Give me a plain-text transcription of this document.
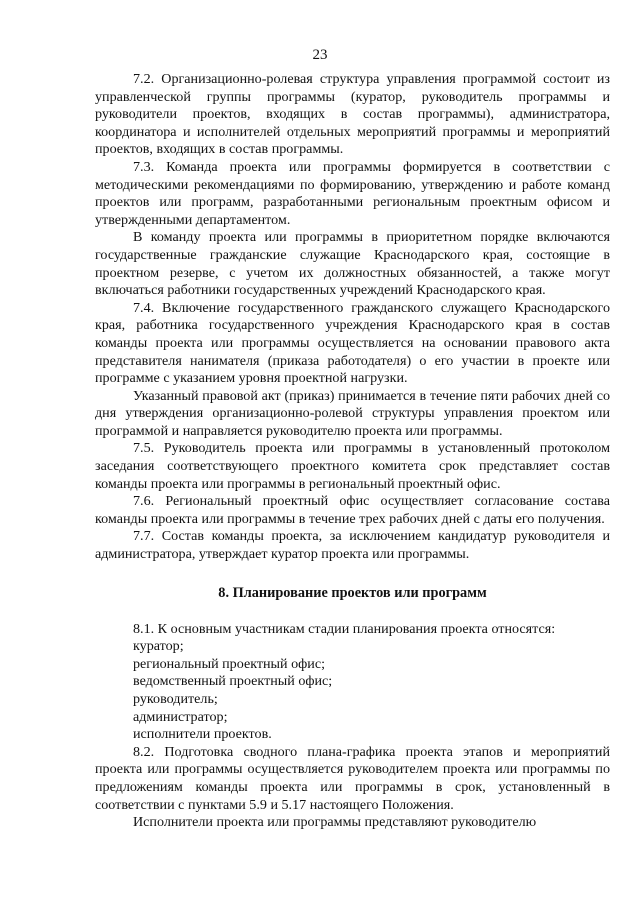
23

7.2. Организационно-ролевая структура управления программой состоит из управленческой группы программы (куратор, руководитель программы и руководители проектов, входящих в состав программы), администратора, координатора и исполнителей отдельных мероприятий программы и мероприятий проектов, входящих в состав программы.

7.3. Команда проекта или программы формируется в соответствии с методическими рекомендациями по формированию, утверждению и работе команд проектов или программ, разработанными региональным проектным офисом и утвержденными департаментом.

В команду проекта или программы в приоритетном порядке включаются государственные гражданские служащие Краснодарского края, состоящие в проектном резерве, с учетом их должностных обязанностей, а также могут включаться работники государственных учреждений Краснодарского края.

7.4. Включение государственного гражданского служащего Краснодарского края, работника государственного учреждения Краснодарского края в состав команды проекта или программы осуществляется на основании правового акта представителя нанимателя (приказа работодателя) о его участии в проекте или программе с указанием уровня проектной нагрузки.

Указанный правовой акт (приказ) принимается в течение пяти рабочих дней со дня утверждения организационно-ролевой структуры управления проектом или программой и направляется руководителю проекта или программы.

7.5. Руководитель проекта или программы в установленный протоколом заседания соответствующего проектного комитета срок представляет состав команды проекта или программы в региональный проектный офис.

7.6. Региональный проектный офис осуществляет согласование состава команды проекта или программы в течение трех рабочих дней с даты его получения.

7.7. Состав команды проекта, за исключением кандидатур руководителя и администратора, утверждает куратор проекта или программы.

8. Планирование проектов или программ

8.1. К основным участникам стадии планирования проекта относятся:

куратор;
региональный проектный офис;
ведомственный проектный офис;
руководитель;
администратор;
исполнители проектов.

8.2. Подготовка сводного плана-графика проекта этапов и мероприятий проекта или программы осуществляется руководителем проекта или программы по предложениям команды проекта или программы в срок, установленный в соответствии с пунктами 5.9 и 5.17 настоящего Положения.

Исполнители проекта или программы представляют руководителю
